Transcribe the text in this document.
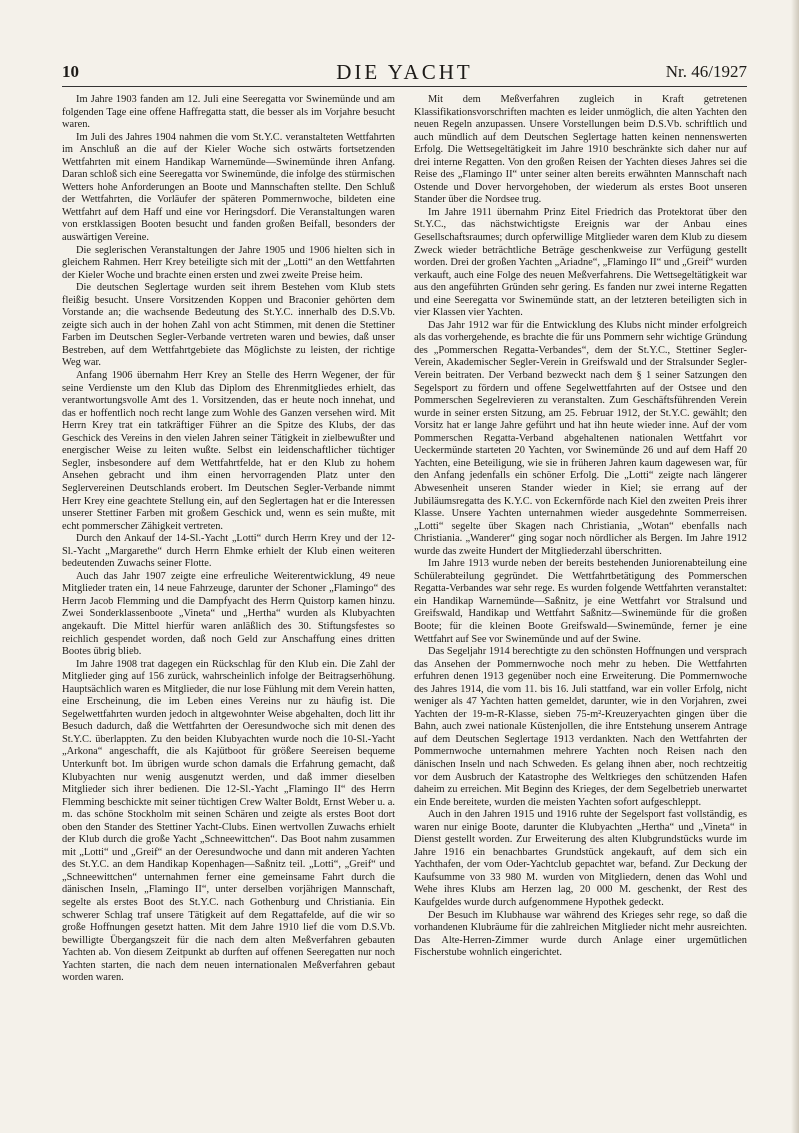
10	DIE YACHT	Nr. 46/1927

Im Jahre 1903 fanden am 12. Juli eine Seeregatta vor Swinemünde und am folgenden Tage eine offene Haffregatta statt, die besser als im Vorjahre besucht waren.

Im Juli des Jahres 1904 nahmen die vom St.Y.C. veranstalteten Wettfahrten im Anschluß an die auf der Kieler Woche sich ostwärts fortsetzenden Wettfahrten mit einem Handikap Warnemünde—Swinemünde ihren Anfang. Daran schloß sich eine Seeregatta vor Swinemünde, die infolge des stürmischen Wetters hohe Anforderungen an Boote und Mannschaften stellte. Den Schluß der Wettfahrten, die Vorläufer der späteren Pommernwoche, bildeten eine Wettfahrt auf dem Haff und eine vor Heringsdorf. Die Veranstaltungen waren von erstklassigen Booten besucht und fanden großen Beifall, besonders der auswärtigen Vereine.

Die seglerischen Veranstaltungen der Jahre 1905 und 1906 hielten sich in gleichem Rahmen. Herr Krey beteiligte sich mit der „Lotti“ an den Wettfahrten der Kieler Woche und brachte einen ersten und zwei zweite Preise heim.

Die deutschen Seglertage wurden seit ihrem Bestehen vom Klub stets fleißig besucht. Unsere Vorsitzenden Koppen und Braconier gehörten dem Vorstande an; die wachsende Bedeutung des St.Y.C. innerhalb des D.S.Vb. zeigte sich auch in der hohen Zahl von acht Stimmen, mit denen die Stettiner Farben im Deutschen Segler-Verbande vertreten waren und bewies, daß unser Bestreben, auf dem Wettfahrtgebiete das Möglichste zu leisten, der richtige Weg war.

Anfang 1906 übernahm Herr Krey an Stelle des Herrn Wegener, der für seine Verdienste um den Klub das Diplom des Ehrenmitgliedes erhielt, das verantwortungsvolle Amt des 1. Vorsitzenden, das er heute noch innehat, und das er hoffentlich noch recht lange zum Wohle des Ganzen versehen wird. Mit Herrn Krey trat ein tatkräftiger Führer an die Spitze des Klubs, der das Geschick des Vereins in den vielen Jahren seiner Tätigkeit in zielbewußter und energischer Weise zu leiten wußte. Selbst ein leidenschaftlicher tüchtiger Segler, insbesondere auf dem Wettfahrtfelde, hat er den Klub zu hohem Ansehen gebracht und ihm einen hervorragenden Platz unter den Seglervereinen Deutschlands erobert. Im Deutschen Segler-Verbande nimmt Herr Krey eine geachtete Stellung ein, auf den Seglertagen hat er die Interessen unserer Stettiner Farben mit großem Geschick und, wenn es sein mußte, mit echt pommerscher Zähigkeit vertreten.

Durch den Ankauf der 14-Sl.-Yacht „Lotti“ durch Herrn Krey und der 12-Sl.-Yacht „Margarethe“ durch Herrn Ehmke erhielt der Klub einen weiteren bedeutenden Zuwachs seiner Flotte.

Auch das Jahr 1907 zeigte eine erfreuliche Weiterentwicklung, 49 neue Mitglieder traten ein, 14 neue Fahrzeuge, darunter der Schoner „Flamingo“ des Herrn Jacob Flemming und die Dampfyacht des Herrn Quistorp kamen hinzu. Zwei Sonderklassenboote „Vineta“ und „Hertha“ wurden als Klubyachten angekauft. Die Mittel hierfür waren anläßlich des 30. Stiftungsfestes so reichlich gespendet worden, daß noch Geld zur Anschaffung eines dritten Bootes übrig blieb.

Im Jahre 1908 trat dagegen ein Rückschlag für den Klub ein. Die Zahl der Mitglieder ging auf 156 zurück, wahrscheinlich infolge der Beitragserhöhung. Hauptsächlich waren es Mitglieder, die nur lose Fühlung mit dem Verein hatten, eine Erscheinung, die im Leben eines Vereins nur zu häufig ist. Die Segelwettfahrten wurden jedoch in altgewohnter Weise abgehalten, doch litt ihr Besuch dadurch, daß die Wettfahrten der Oeresundwoche sich mit denen des St.Y.C. überlappten. Zu den beiden Klubyachten wurde noch die 10-Sl.-Yacht „Arkona“ angeschafft, die als Kajütboot für größere Seereisen bequeme Unterkunft bot. Im übrigen wurde schon damals die Erfahrung gemacht, daß Klubyachten nur wenig ausgenutzt werden, und daß immer dieselben Mitglieder sich ihrer bedienen. Die 12-Sl.-Yacht „Flamingo II“ des Herrn Flemming beschickte mit seiner tüchtigen Crew Walter Boldt, Ernst Weber u. a. m. das schöne Stockholm mit seinen Schären und zeigte als erstes Boot dort oben den Stander des Stettiner Yacht-Clubs. Einen wertvollen Zuwachs erhielt der Klub durch die große Yacht „Schneewittchen“. Das Boot nahm zusammen mit „Lotti“ und „Greif“ an der Oeresundwoche und dann mit anderen Yachten des St.Y.C. an dem Handikap Kopenhagen—Saßnitz teil. „Lotti“, „Greif“ und „Schneewittchen“ unternahmen ferner eine gemeinsame Fahrt durch die dänischen Inseln, „Flamingo II“, unter derselben vorjährigen Mannschaft, segelte als erstes Boot des St.Y.C. nach Gothenburg und Christiania. Ein schwerer Schlag traf unsere Tätigkeit auf dem Regattafelde, auf die wir so große Hoffnungen gesetzt hatten. Mit dem Jahre 1910 lief die vom D.S.Vb. bewilligte Übergangszeit für die nach dem alten Meßverfahren gebauten Yachten ab. Von diesem Zeitpunkt ab durften auf offenen Seeregatten nur noch Yachten starten, die nach dem neuen internationalen Meßverfahren gebaut worden waren.

Mit dem Meßverfahren zugleich in Kraft getretenen Klassifikationsvorschriften machten es leider unmöglich, die alten Yachten den neuen Regeln anzupassen. Unsere Vorstellungen beim D.S.Vb. schriftlich und auch mündlich auf dem Deutschen Seglertage hatten keinen nennenswerten Erfolg. Die Wettsegeltätigkeit im Jahre 1910 beschränkte sich daher nur auf drei interne Regatten. Von den großen Reisen der Yachten dieses Jahres sei die Reise des „Flamingo II“ unter seiner alten bereits erwähnten Mannschaft nach Ostende und Dover hervorgehoben, der wiederum als erstes Boot unseren Stander über die Nordsee trug.

Im Jahre 1911 übernahm Prinz Eitel Friedrich das Protektorat über den St.Y.C., das nächstwichtigste Ereignis war der Anbau eines Gesellschaftsraumes; durch opferwillige Mitglieder waren dem Klub zu diesem Zweck wieder beträchtliche Beträge geschenkweise zur Verfügung gestellt worden. Drei der großen Yachten „Ariadne“, „Flamingo II“ und „Greif“ wurden verkauft, auch eine Folge des neuen Meßverfahrens. Die Wettsegeltätigkeit war aus den angeführten Gründen sehr gering. Es fanden nur zwei interne Regatten und eine Seeregatta vor Swinemünde statt, an der letzteren beteiligten sich in vier Klassen vier Yachten.

Das Jahr 1912 war für die Entwicklung des Klubs nicht minder erfolgreich als das vorhergehende, es brachte die für uns Pommern sehr wichtige Gründung des „Pommerschen Regatta-Verbandes“, dem der St.Y.C., Stettiner Segler-Verein, Akademischer Segler-Verein in Greifswald und der Stralsunder Segler-Verein beitraten. Der Verband bezweckt nach dem § 1 seiner Satzungen den Segelsport zu fördern und offene Segelwettfahrten auf der Ostsee und den Pommerschen Segelrevieren zu veranstalten. Zum Geschäftsführenden Verein wurde in seiner ersten Sitzung, am 25. Februar 1912, der St.Y.C. gewählt; den Vorsitz hat er lange Jahre geführt und hat ihn heute wieder inne. Auf der vom Pommerschen Regatta-Verband abgehaltenen nationalen Wettfahrt vor Ueckermünde starteten 20 Yachten, vor Swinemünde 26 und auf dem Haff 20 Yachten, eine Beteiligung, wie sie in früheren Jahren kaum dagewesen war, für den Anfang jedenfalls ein schöner Erfolg. Die „Lotti“ zeigte nach längerer Abwesenheit unseren Stander wieder in Kiel; sie errang auf der Jubiläumsregatta des K.Y.C. von Eckernförde nach Kiel den zweiten Preis ihrer Klasse. Unsere Yachten unternahmen wieder ausgedehnte Sommerreisen. „Lotti“ segelte über Skagen nach Christiania, „Wotan“ ebenfalls nach Christiania. „Wanderer“ ging sogar noch nördlicher als Bergen. Im Jahre 1912 wurde das zweite Hundert der Mitgliederzahl überschritten.

Im Jahre 1913 wurde neben der bereits bestehenden Juniorenabteilung eine Schülerabteilung gegründet. Die Wettfahrtbetätigung des Pommerschen Regatta-Verbandes war sehr rege. Es wurden folgende Wettfahrten veranstaltet: ein Handikap Warnemünde—Saßnitz, je eine Wettfahrt vor Stralsund und Greifswald, Handikap und Wettfahrt Saßnitz—Swinemünde für die großen Boote; für die kleinen Boote Greifswald—Swinemünde, ferner je eine Wettfahrt auf See vor Swinemünde und auf der Swine.

Das Segeljahr 1914 berechtigte zu den schönsten Hoffnungen und versprach das Ansehen der Pommernwoche noch mehr zu heben. Die Wettfahrten erfuhren denen 1913 gegenüber noch eine Erweiterung. Die Pommernwoche des Jahres 1914, die vom 11. bis 16. Juli stattfand, war ein voller Erfolg, nicht weniger als 47 Yachten hatten gemeldet, darunter, wie in den Vorjahren, zwei Yachten der 19-m-R-Klasse, sieben 75-m²-Kreuzeryachten gingen über die Bahn, auch zwei nationale Küstenjollen, die ihre Entstehung unserem Antrage auf dem Deutschen Seglertage 1913 verdankten. Nach den Wettfahrten der Pommernwoche unternahmen mehrere Yachten noch Reisen nach den dänischen Inseln und nach Schweden. Es gelang ihnen aber, noch rechtzeitig vor dem Ausbruch der Katastrophe des Weltkrieges den schützenden Hafen daheim zu erreichen. Mit Beginn des Krieges, der dem Segelbetrieb unerwartet ein Ende bereitete, wurden die meisten Yachten sofort aufgeschleppt.

Auch in den Jahren 1915 und 1916 ruhte der Segelsport fast vollständig, es waren nur einige Boote, darunter die Klubyachten „Hertha“ und „Vineta“ in Dienst gestellt worden. Zur Erweiterung des alten Klubgrundstücks wurde im Jahre 1916 ein benachbartes Grundstück angekauft, auf dem sich ein Yachthafen, der vom Oder-Yachtclub gepachtet war, befand. Zur Deckung der Kaufsumme von 33 980 M. wurden von Mitgliedern, denen das Wohl und Wehe ihres Klubs am Herzen lag, 20 000 M. geschenkt, der Rest des Kaufgeldes wurde durch aufgenommene Hypothek gedeckt.

Der Besuch im Klubhause war während des Krieges sehr rege, so daß die vorhandenen Klubräume für die zahlreichen Mitglieder nicht mehr ausreichten. Das Alte-Herren-Zimmer wurde durch Anlage einer urgemütlichen Fischerstube wohnlich eingerichtet.
